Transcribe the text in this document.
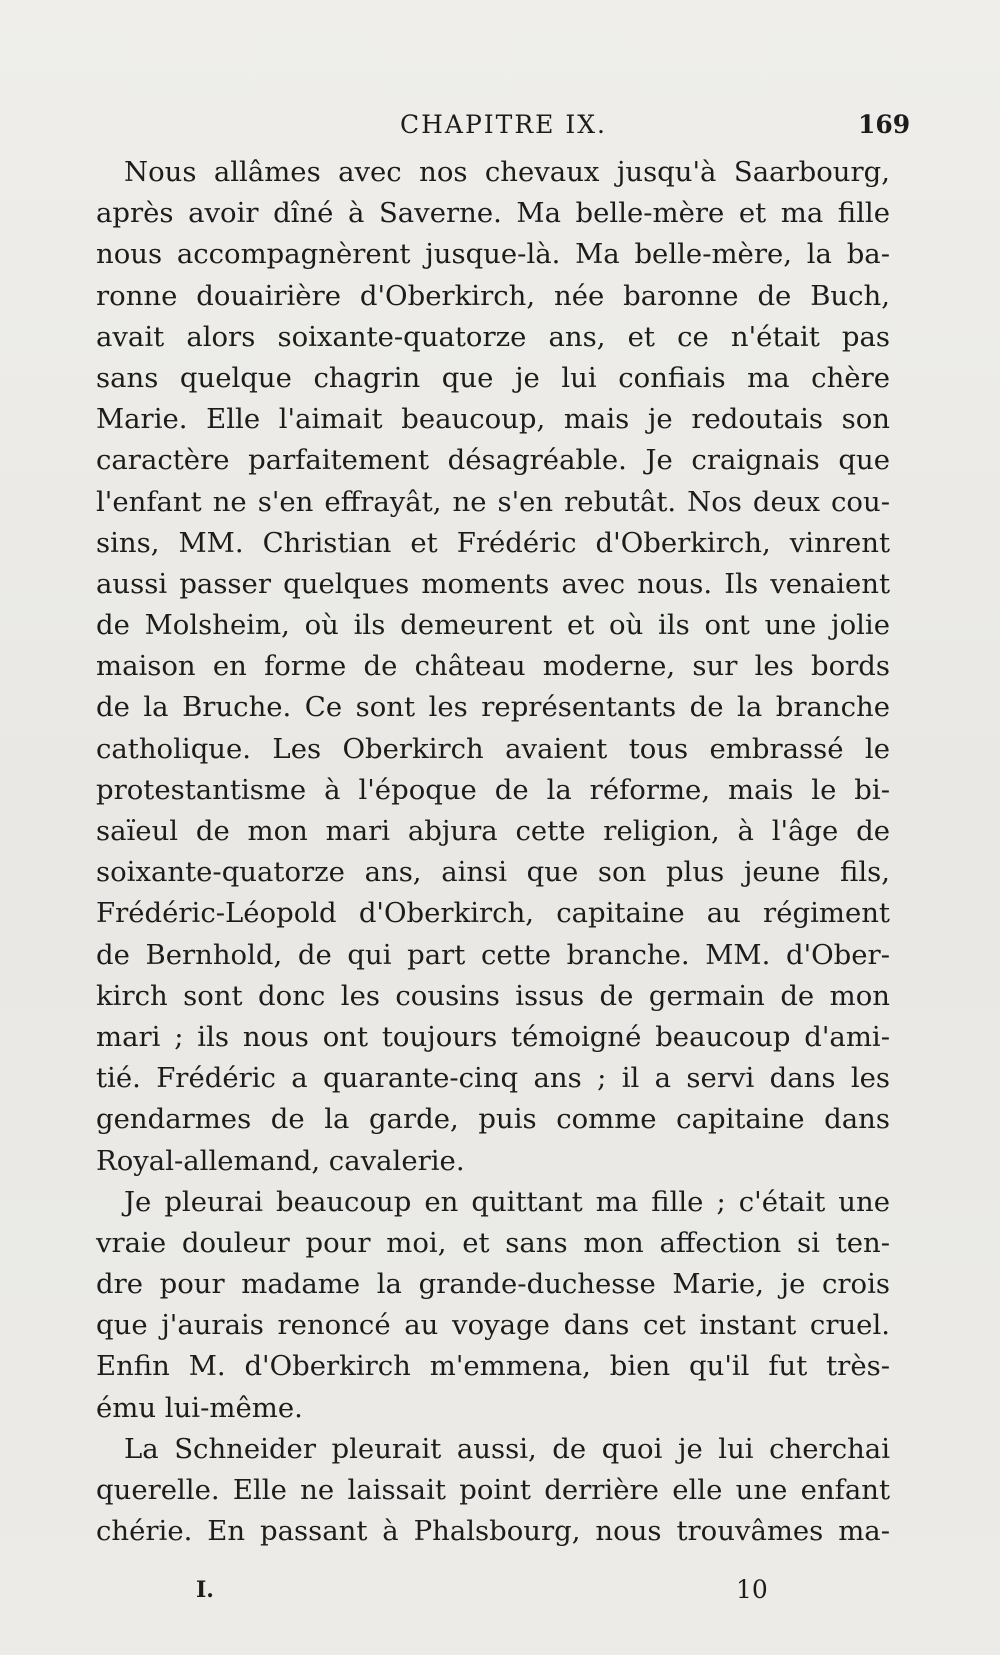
CHAPITRE IX.	169
Nous allâmes avec nos chevaux jusqu'à Saarbourg,
après avoir dîné à Saverne. Ma belle-mère et ma fille
nous accompagnèrent jusque-là. Ma belle-mère, la ba-
ronne douairière d'Oberkirch, née baronne de Buch,
avait alors soixante-quatorze ans, et ce n'était pas
sans quelque chagrin que je lui confiais ma chère
Marie. Elle l'aimait beaucoup, mais je redoutais son
caractère parfaitement désagréable. Je craignais que
l'enfant ne s'en effrayât, ne s'en rebutât. Nos deux cou-
sins, MM. Christian et Frédéric d'Oberkirch, vinrent
aussi passer quelques moments avec nous. Ils venaient
de Molsheim, où ils demeurent et où ils ont une jolie
maison en forme de château moderne, sur les bords
de la Bruche. Ce sont les représentants de la branche
catholique. Les Oberkirch avaient tous embrassé le
protestantisme à l'époque de la réforme, mais le bi-
saïeul de mon mari abjura cette religion, à l'âge de
soixante-quatorze ans, ainsi que son plus jeune fils,
Frédéric-Léopold d'Oberkirch, capitaine au régiment
de Bernhold, de qui part cette branche. MM. d'Ober-
kirch sont donc les cousins issus de germain de mon
mari ; ils nous ont toujours témoigné beaucoup d'ami-
tié. Frédéric a quarante-cinq ans ; il a servi dans les
gendarmes de la garde, puis comme capitaine dans
Royal-allemand, cavalerie.
Je pleurai beaucoup en quittant ma fille ; c'était une
vraie douleur pour moi, et sans mon affection si ten-
dre pour madame la grande-duchesse Marie, je crois
que j'aurais renoncé au voyage dans cet instant cruel.
Enfin M. d'Oberkirch m'emmena, bien qu'il fut très-
ému lui-même.
La Schneider pleurait aussi, de quoi je lui cherchai
querelle. Elle ne laissait point derrière elle une enfant
chérie. En passant à Phalsbourg, nous trouvâmes ma-
I.	10
